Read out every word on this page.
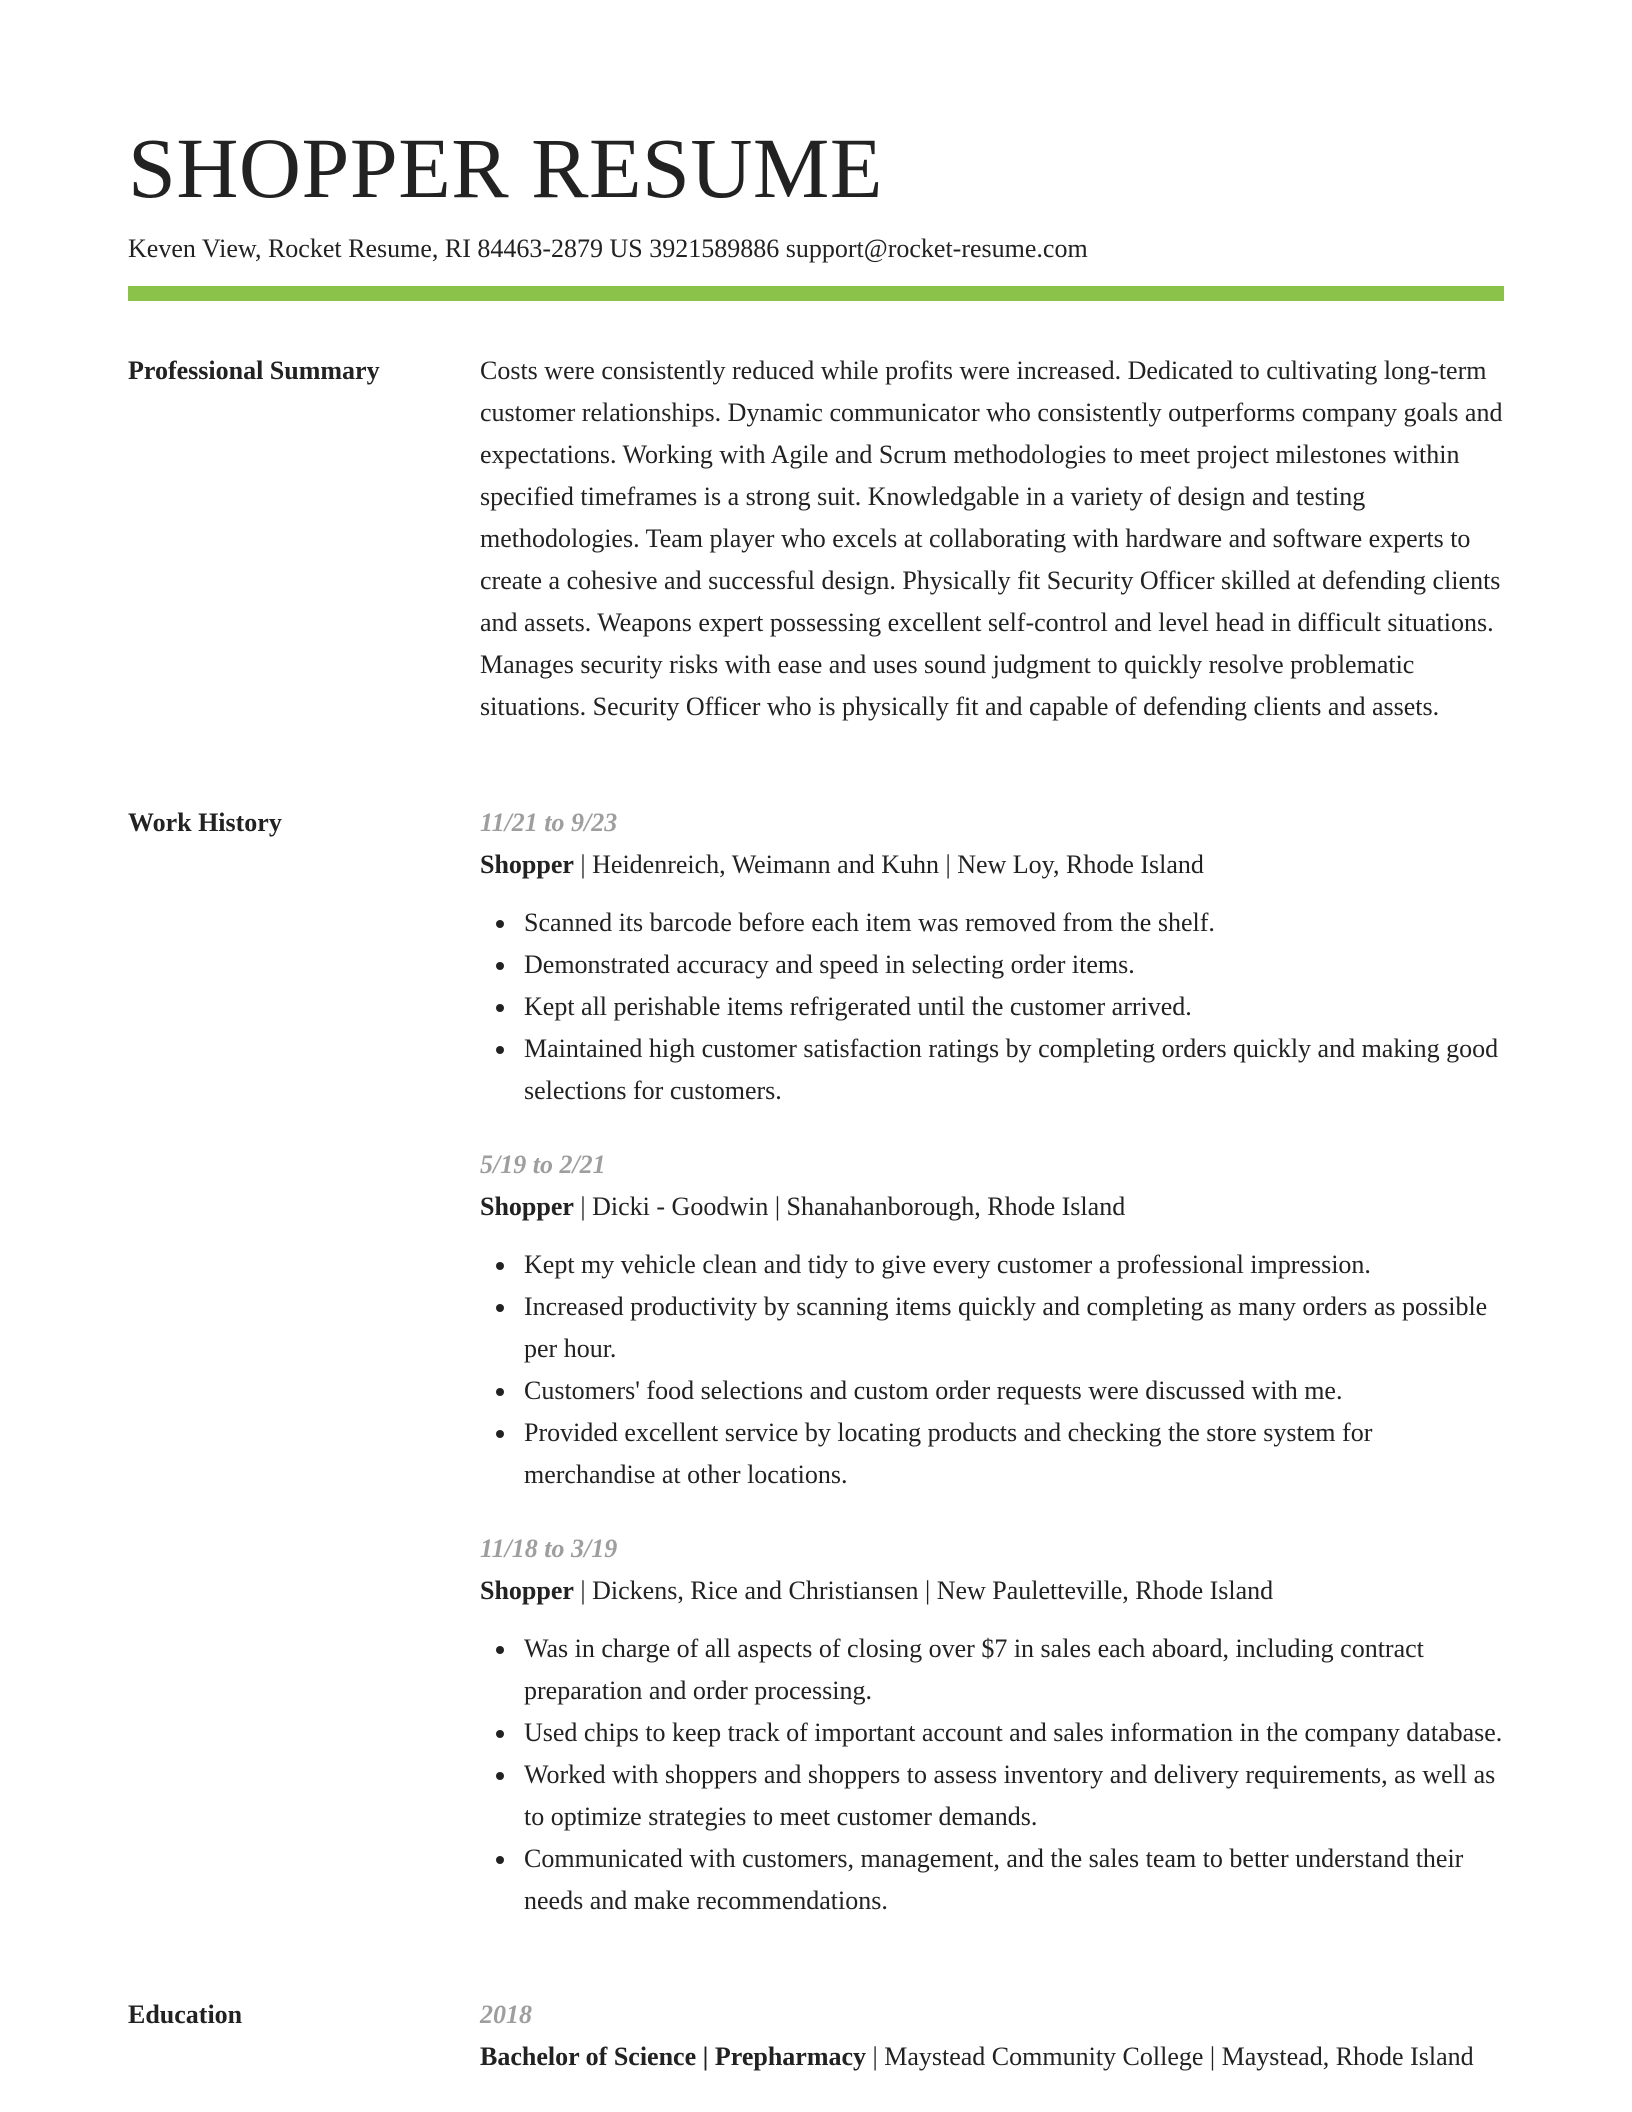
SHOPPER RESUME
Keven View, Rocket Resume, RI 84463-2879 US 3921589886 support@rocket-resume.com
Professional Summary	Costs were consistently reduced while profits were increased. Dedicated to cultivating long-term customer relationships. Dynamic communicator who consistently outperforms company goals and expectations. Working with Agile and Scrum methodologies to meet project milestones within specified timeframes is a strong suit. Knowledgable in a variety of design and testing methodologies. Team player who excels at collaborating with hardware and software experts to create a cohesive and successful design. Physically fit Security Officer skilled at defending clients and assets. Weapons expert possessing excellent self-control and level head in difficult situations. Manages security risks with ease and uses sound judgment to quickly resolve problematic situations. Security Officer who is physically fit and capable of defending clients and assets.

Work History	11/21 to 9/23
Shopper | Heidenreich, Weimann and Kuhn | New Loy, Rhode Island
Scanned its barcode before each item was removed from the shelf.
Demonstrated accuracy and speed in selecting order items.
Kept all perishable items refrigerated until the customer arrived.
Maintained high customer satisfaction ratings by completing orders quickly and making good selections for customers.
5/19 to 2/21
Shopper | Dicki - Goodwin | Shanahanborough, Rhode Island
Kept my vehicle clean and tidy to give every customer a professional impression.
Increased productivity by scanning items quickly and completing as many orders as possible per hour.
Customers' food selections and custom order requests were discussed with me.
Provided excellent service by locating products and checking the store system for merchandise at other locations.
11/18 to 3/19
Shopper | Dickens, Rice and Christiansen | New Pauletteville, Rhode Island
Was in charge of all aspects of closing over $7 in sales each aboard, including contract preparation and order processing.
Used chips to keep track of important account and sales information in the company database.
Worked with shoppers and shoppers to assess inventory and delivery requirements, as well as to optimize strategies to meet customer demands.
Communicated with customers, management, and the sales team to better understand their needs and make recommendations.
Education	2018
Bachelor of Science | Prepharmacy | Maystead Community College | Maystead, Rhode Island
